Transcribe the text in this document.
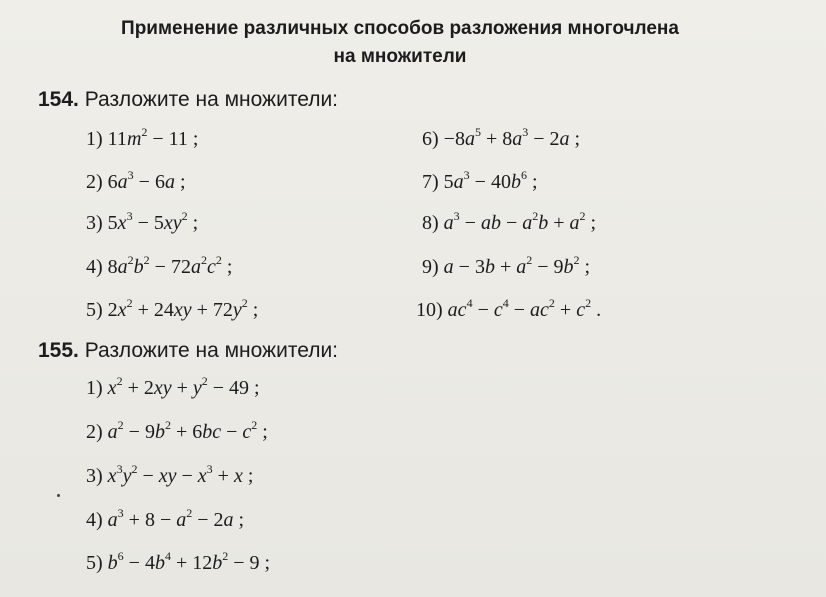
Применение различных способов разложения многочлена
на множители
154. Разложите на множители:
1) $11m^2 - 11$ ;
2) $6a^3 - 6a$ ;
3) $5x^3 - 5xy^2$ ;
4) $8a^2b^2 - 72a^2c^2$ ;
5) $2x^2 + 24xy + 72y^2$ ;
$6) -8a^5 + 8a^3 - 2a$ ;
7) $5a^3 - 40b^6$ ;
8) $a^3$ − ab − $a^2b + a^2$ ;
9) $a - 3b + a^2 - 9b^2$ ;
10) $ac^4 - c^4 - ac^2 + c^2$ .
155. Разложите на множители:
1) $x^2 + 2xy + y^2 - 49$ ;
2) $a^2 - 9b^2 + 6bc - c^2$ ;
3) $x^3y^2$ − xy − $x^3 + x$ ;
4) $a^3 + 8 - a^2 - 2a$ ;
5) $b^6 - 4b^4 + 12b^2 - 9$ ;
